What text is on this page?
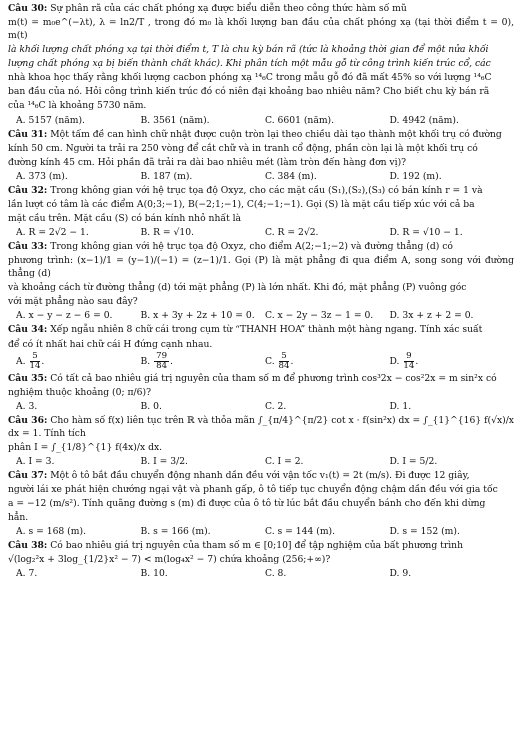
Câu 30: Sự phân rã của các chất phóng xạ được biểu diễn theo công thức hàm số mũ

m(t) = m₀e^(−λt), λ = ln2/T , trong đó m₀ là khối lượng ban đầu của chất phóng xạ (tại thời điểm t = 0), m(t)

là khối lượng chất phóng xạ tại thời điểm t, T là chu kỳ bán rã (tức là khoảng thời gian để một nửa khối

lượng chất phóng xạ bị biến thành chất khác). Khi phân tích một mẫu gỗ từ công trình kiến trúc cổ, các

nhà khoa học thấy rằng khối lượng cacbon phóng xạ ¹⁴₆C trong mẫu gỗ đó đã mất 45% so với lượng ¹⁴₆C

ban đầu của nó. Hỏi công trình kiến trúc đó có niên đại khoảng bao nhiêu năm? Cho biết chu kỳ bán rã

của ¹⁴₆C là khoảng 5730 năm.

A. 5157 (năm).	B. 3561 (năm).	C. 6601 (năm).	D. 4942 (năm).

Câu 31: Một tấm đề can hình chữ nhật được cuộn tròn lại theo chiều dài tạo thành một khối trụ có đường

kính 50 cm. Người ta trải ra 250 vòng để cắt chữ và in tranh cổ động, phần còn lại là một khối trụ có

đường kính 45 cm. Hỏi phần đã trải ra dài bao nhiêu mét (làm tròn đến hàng đơn vị)?

A. 373 (m).	B. 187 (m).	C. 384 (m).	D. 192 (m).

Câu 32: Trong không gian với hệ trục tọa độ Oxyz, cho các mặt cầu (S₁),(S₂),(S₃) có bán kính r = 1 và

lần lượt có tâm là các điểm A(0;3;−1), B(−2;1;−1), C(4;−1;−1). Gọi (S) là mặt cầu tiếp xúc với cả ba

mặt cầu trên. Mặt cầu (S) có bán kính nhỏ nhất là

A. R = 2√2 − 1.	B. R = √10.	C. R = 2√2.	D. R = √10 − 1.

Câu 33: Trong không gian với hệ trục tọa độ Oxyz, cho điểm A(2;−1;−2) và đường thẳng (d) có

phương trình: (x−1)/1 = (y−1)/(−1) = (z−1)/1. Gọi (P) là mặt phẳng đi qua điểm A, song song với đường thẳng (d)

và khoảng cách từ đường thẳng (d) tới mặt phẳng (P) là lớn nhất. Khi đó, mặt phẳng (P) vuông góc

với mặt phẳng nào sau đây?

A. x − y − z − 6 = 0.	B. x + 3y + 2z + 10 = 0.	C. x − 2y − 3z − 1 = 0.	D. 3x + z + 2 = 0.

Câu 34: Xếp ngẫu nhiên 8 chữ cái trong cụm từ “THANH HOA” thành một hàng ngang. Tính xác suất

để có ít nhất hai chữ cái H đứng cạnh nhau.

A. $\frac{5}{14}$ .	B. $\frac{79}{84}$ .	C. $\frac{5}{84}$ .	D. $\frac{9}{14}$ .

Câu 35: Có tất cả bao nhiêu giá trị nguyên của tham số m để phương trình cos³2x − cos²2x = m sin²x có

nghiệm thuộc khoảng (0; π/6)?

A. 3.	B. 0.	C. 2.	D. 1.

Câu 36: Cho hàm số f(x) liên tục trên ℝ và thỏa mãn ∫_{π/4}^{π/2} cot x · f(sin²x) dx = ∫_{1}^{16} f(√x)/x dx = 1. Tính tích

phân I = ∫_{1/8}^{1} f(4x)/x dx.

A. I = 3.	B. I = 3/2.	C. I = 2.	D. I = 5/2.

Câu 37: Một ô tô bắt đầu chuyển động nhanh dần đều với vận tốc v₁(t) = 2t (m/s). Đi được 12 giây,

người lái xe phát hiện chướng ngại vật và phanh gấp, ô tô tiếp tục chuyển động chậm dần đều với gia tốc

a = −12 (m/s²). Tính quãng đường s (m) đi được của ô tô từ lúc bắt đầu chuyển bánh cho đến khi dừng

hẳn.

A. s = 168 (m).	B. s = 166 (m).	C. s = 144 (m).	D. s = 152 (m).

Câu 38: Có bao nhiêu giá trị nguyên của tham số m ∈ [0;10] để tập nghiệm của bất phương trình

√(log₂²x + 3log_{1/2}x² − 7) < m(log₄x² − 7) chứa khoảng (256;+∞)?

A. 7.	B. 10.	C. 8.	D. 9.
